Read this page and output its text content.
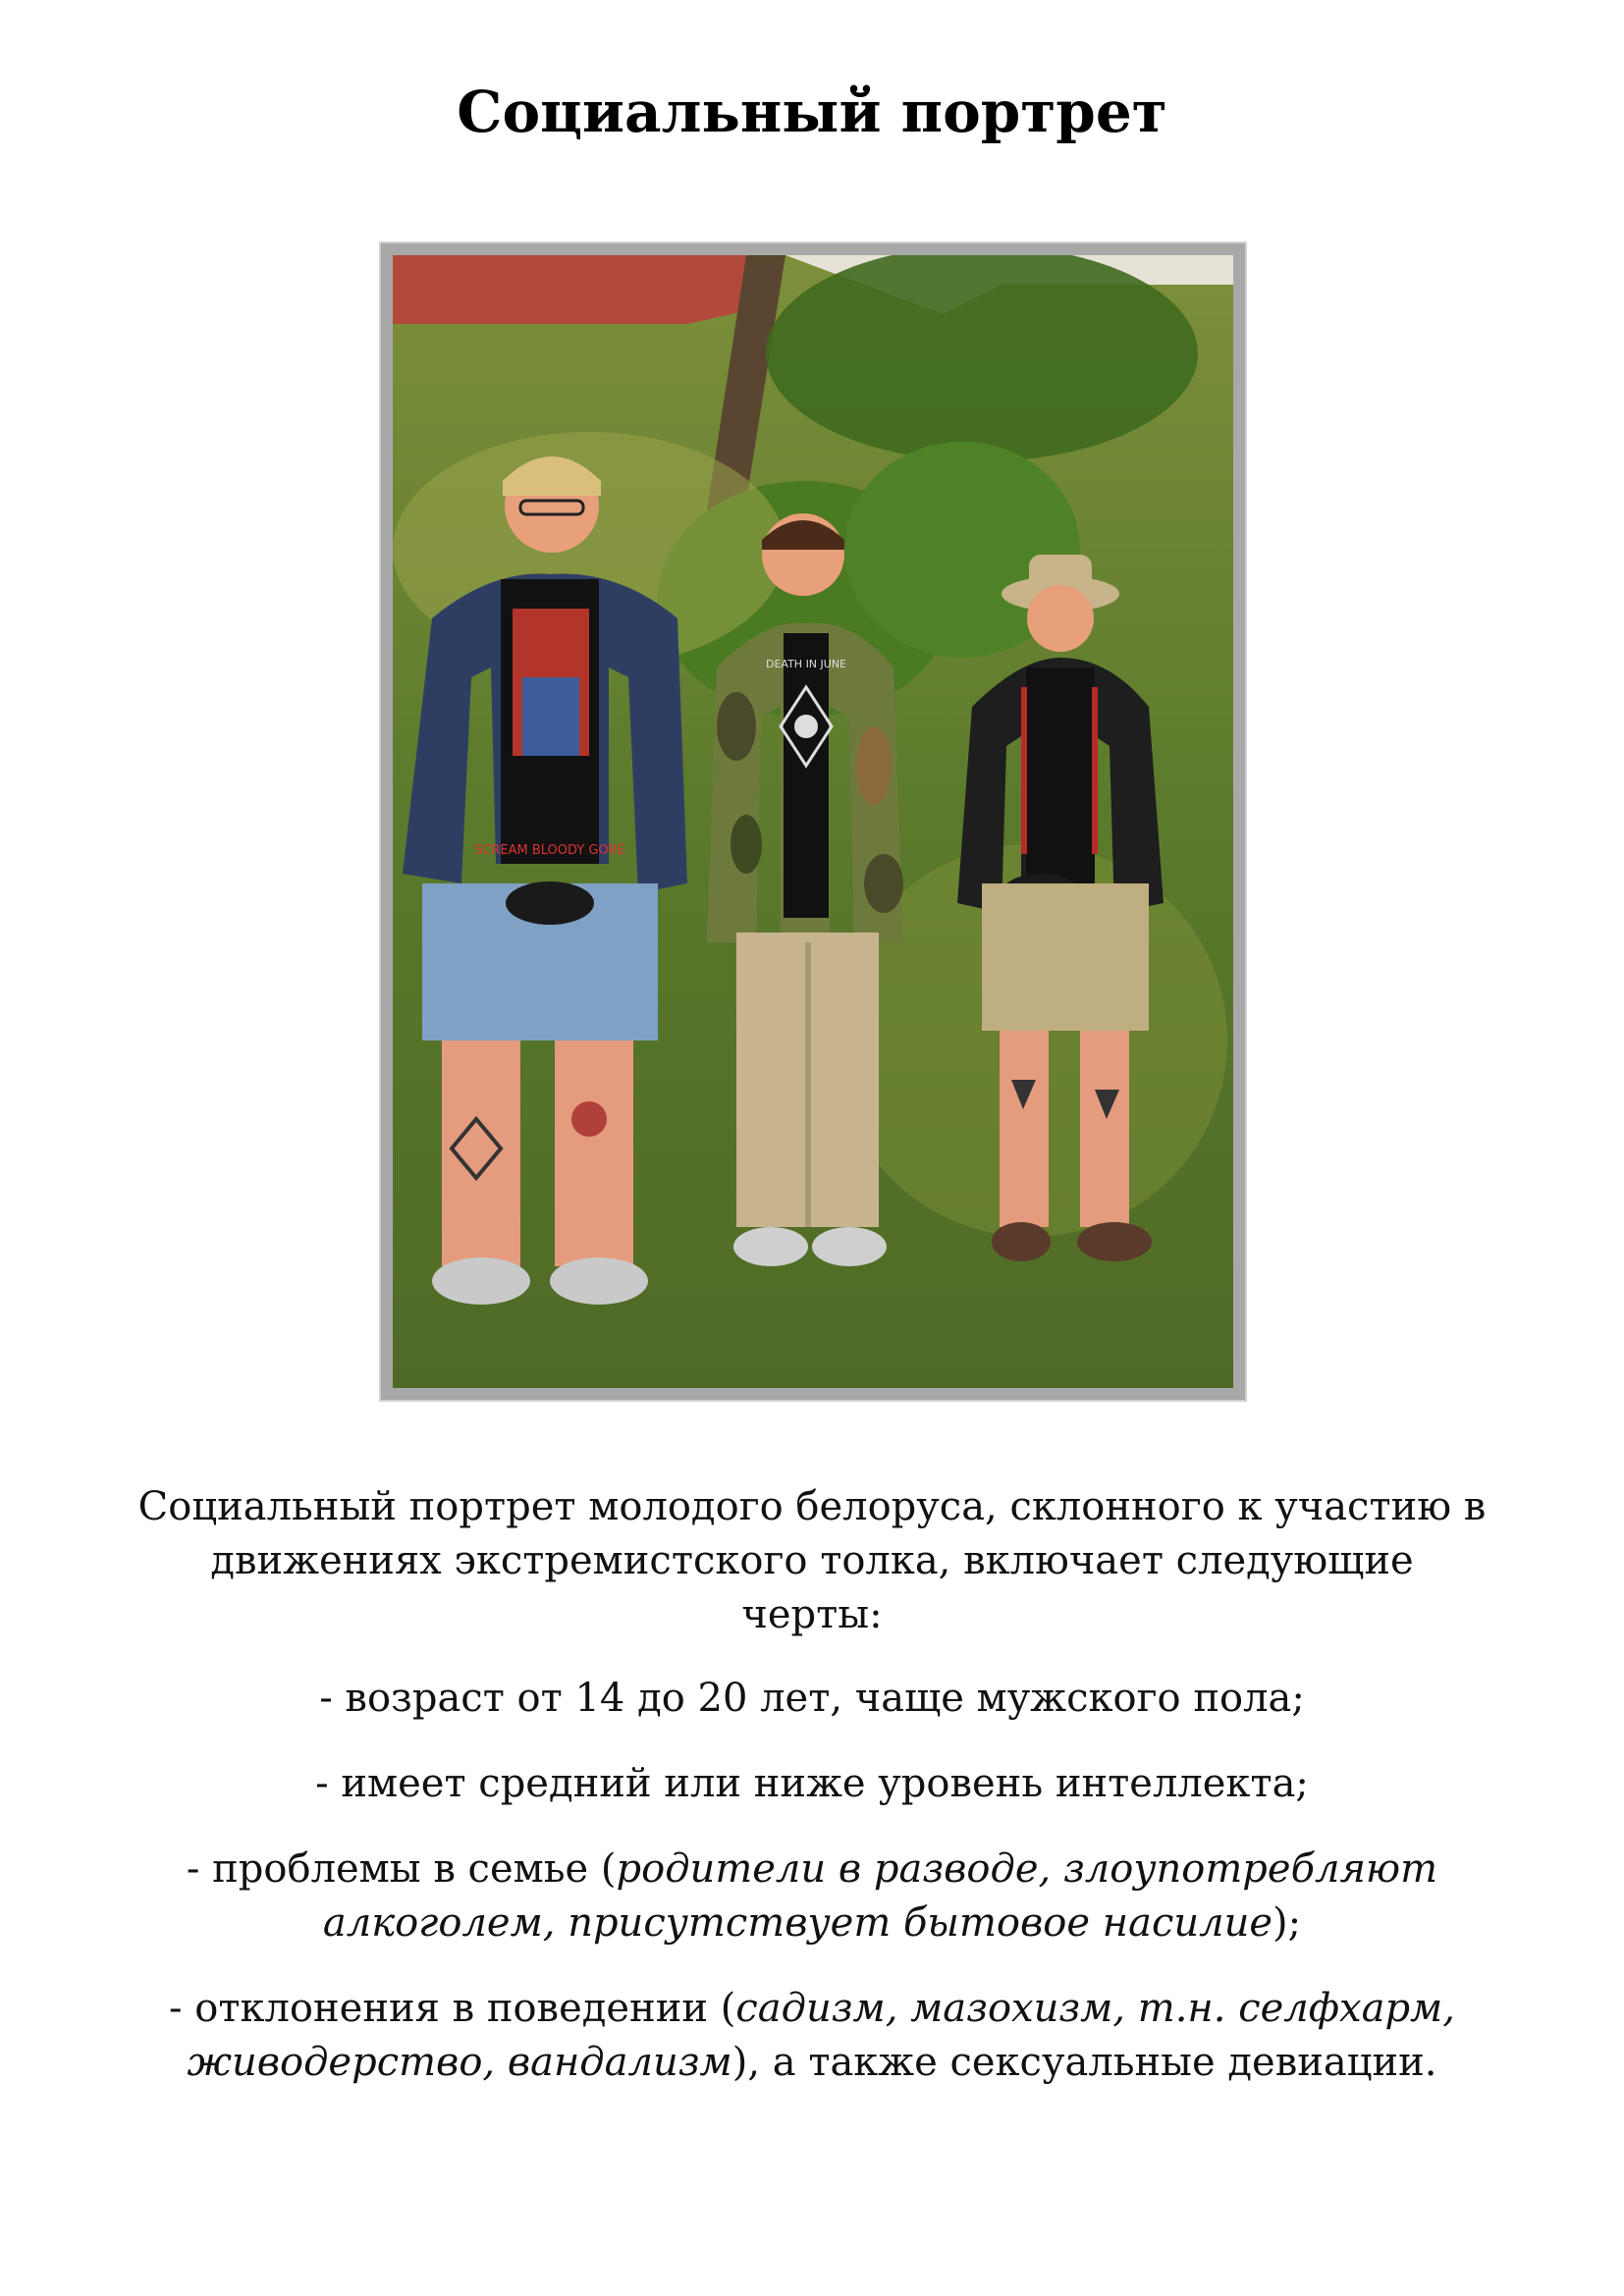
Социальный портрет
SCREAM BLOODY GORE
DEATH IN JUNE

Социальный портрет молодого белоруса, склонного к участию в движениях экстремистского толка, включает следующие черты:

- возраст от 14 до 20 лет, чаще мужского пола;

- имеет средний или ниже уровень интеллекта;

- проблемы в семье (родители в разводе, злоупотребляют алкоголем, присутствует бытовое насилие);

- отклонения в поведении (садизм, мазохизм, т.н. селфхарм, живодерство, вандализм), а также сексуальные девиации.
